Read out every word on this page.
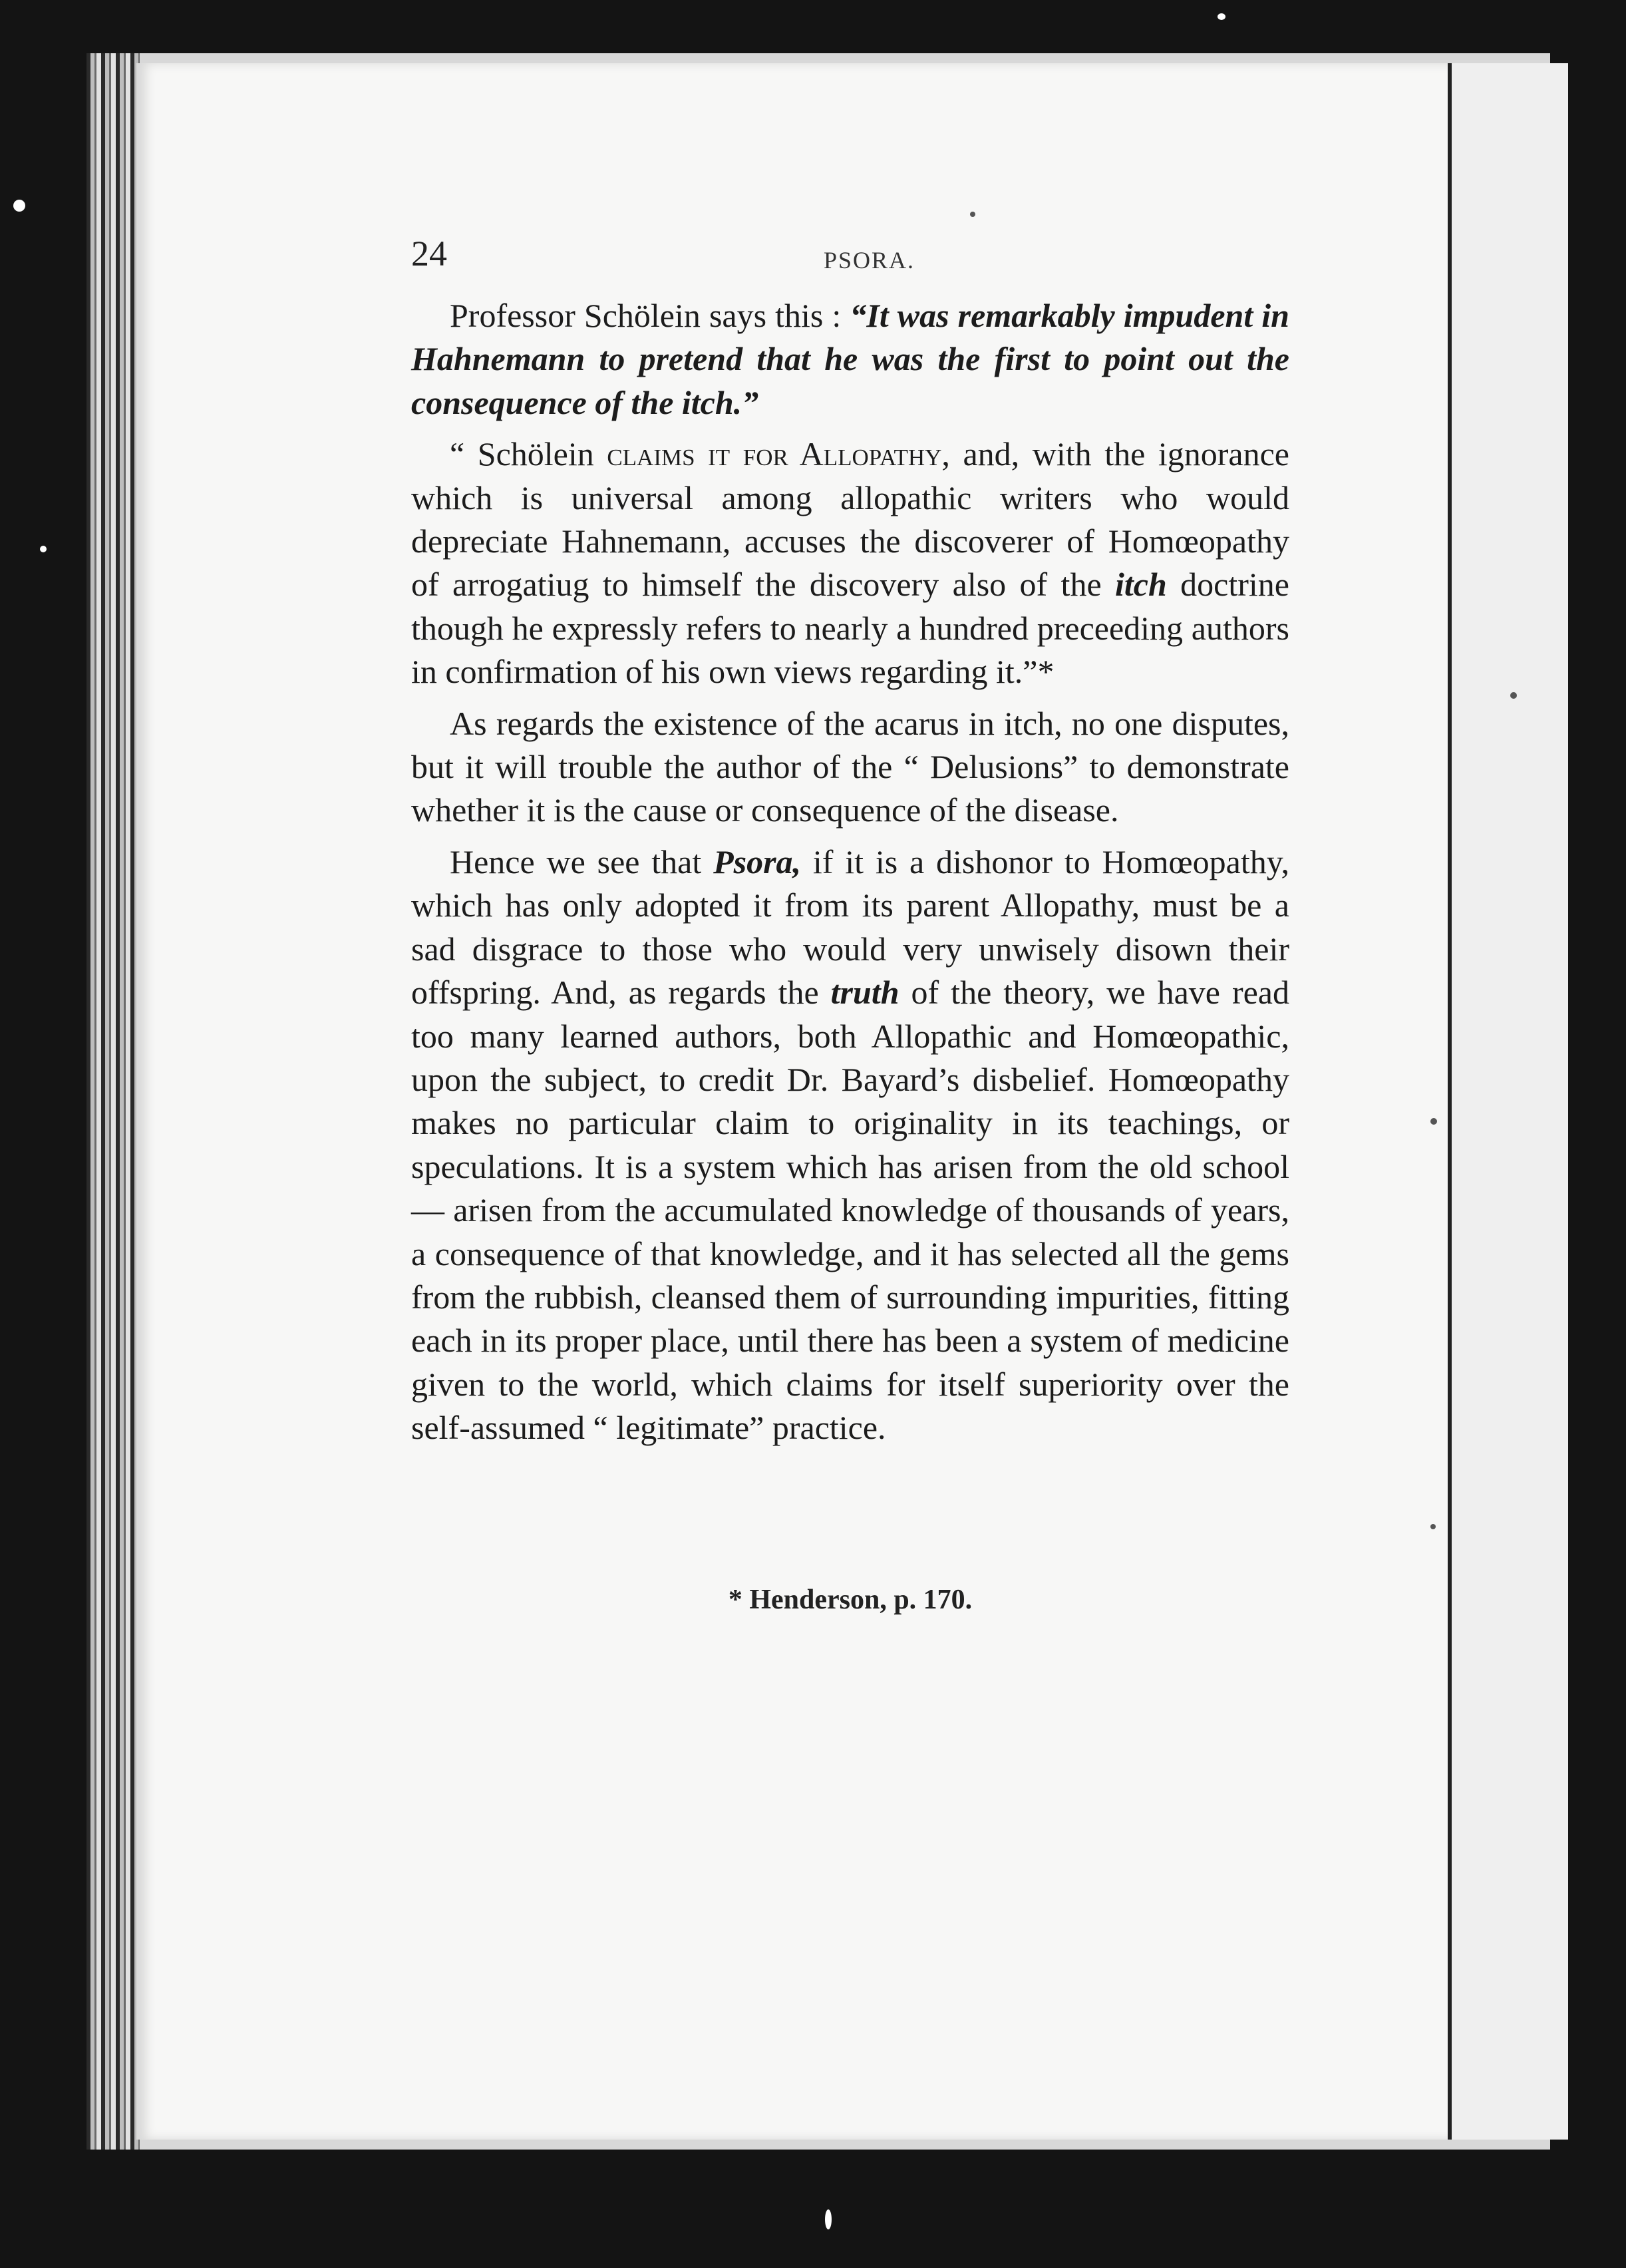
24	PSORA.

Professor Schölein says this : “It was remarkably impudent in Hahnemann to pretend that he was the first to point out the consequence of the itch.”

“ Schölein claims it for Allopathy, and, with the ignorance which is universal among allopathic writers who would depreciate Hahnemann, accuses the discoverer of Homœopathy of arrogatiug to himself the discovery also of the itch doctrine though he expressly refers to nearly a hundred preceeding authors in confirmation of his own views regarding it.”*

As regards the existence of the acarus in itch, no one disputes, but it will trouble the author of the “ Delusions” to demonstrate whether it is the cause or consequence of the disease.

Hence we see that Psora, if it is a dishonor to Homœopathy, which has only adopted it from its parent Allopathy, must be a sad disgrace to those who would very unwisely disown their offspring. And, as regards the truth of the theory, we have read too many learned authors, both Allopathic and Homœopathic, upon the subject, to credit Dr. Bayard’s disbelief. Homœopathy makes no particular claim to originality in its teachings, or speculations. It is a system which has arisen from the old school — arisen from the accumulated knowledge of thousands of years, a consequence of that knowledge, and it has selected all the gems from the rubbish, cleansed them of surrounding impurities, fitting each in its proper place, until there has been a system of medicine given to the world, which claims for itself superiority over the self-assumed “ legitimate” practice.

* Henderson, p. 170.
